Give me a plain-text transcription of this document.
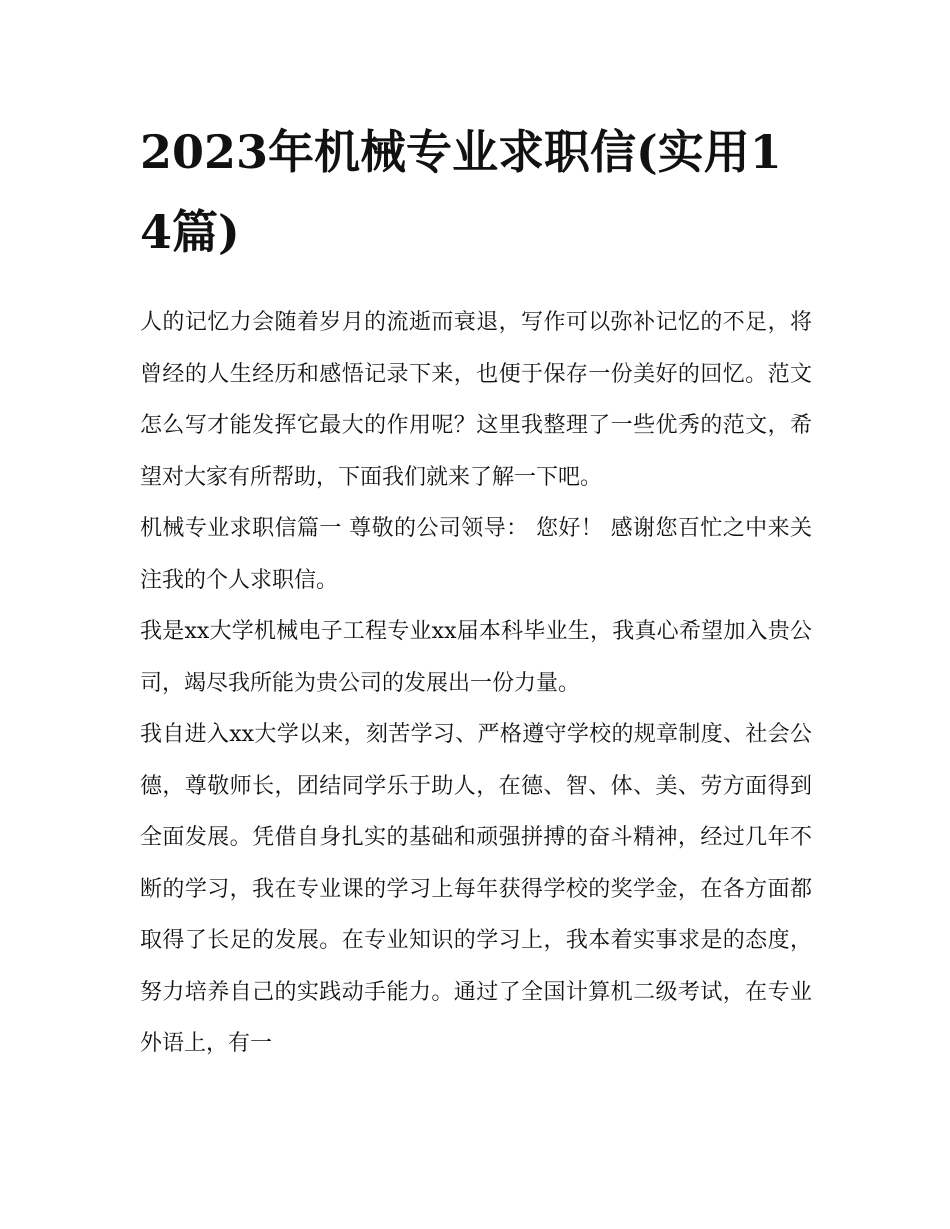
2023年机械专业求职信(实用14篇)

人的记忆力会随着岁月的流逝而衰退，写作可以弥补记忆的不足，将曾经的人生经历和感悟记录下来，也便于保存一份美好的回忆。范文怎么写才能发挥它最大的作用呢？这里我整理了一些优秀的范文，希望对大家有所帮助，下面我们就来了解一下吧。

机械专业求职信篇一 尊敬的公司领导： 您好！ 感谢您百忙之中来关注我的个人求职信。

我是xx大学机械电子工程专业xx届本科毕业生，我真心希望加入贵公司，竭尽我所能为贵公司的发展出一份力量。

我自进入xx大学以来，刻苦学习、严格遵守学校的规章制度、社会公德，尊敬师长，团结同学乐于助人，在德、智、体、美、劳方面得到全面发展。凭借自身扎实的基础和顽强拼搏的奋斗精神，经过几年不断的学习，我在专业课的学习上每年获得学校的奖学金，在各方面都取得了长足的发展。在专业知识的学习上，我本着实事求是的态度，努力培养自己的实践动手能力。通过了全国计算机二级考试，在专业外语上，有一
